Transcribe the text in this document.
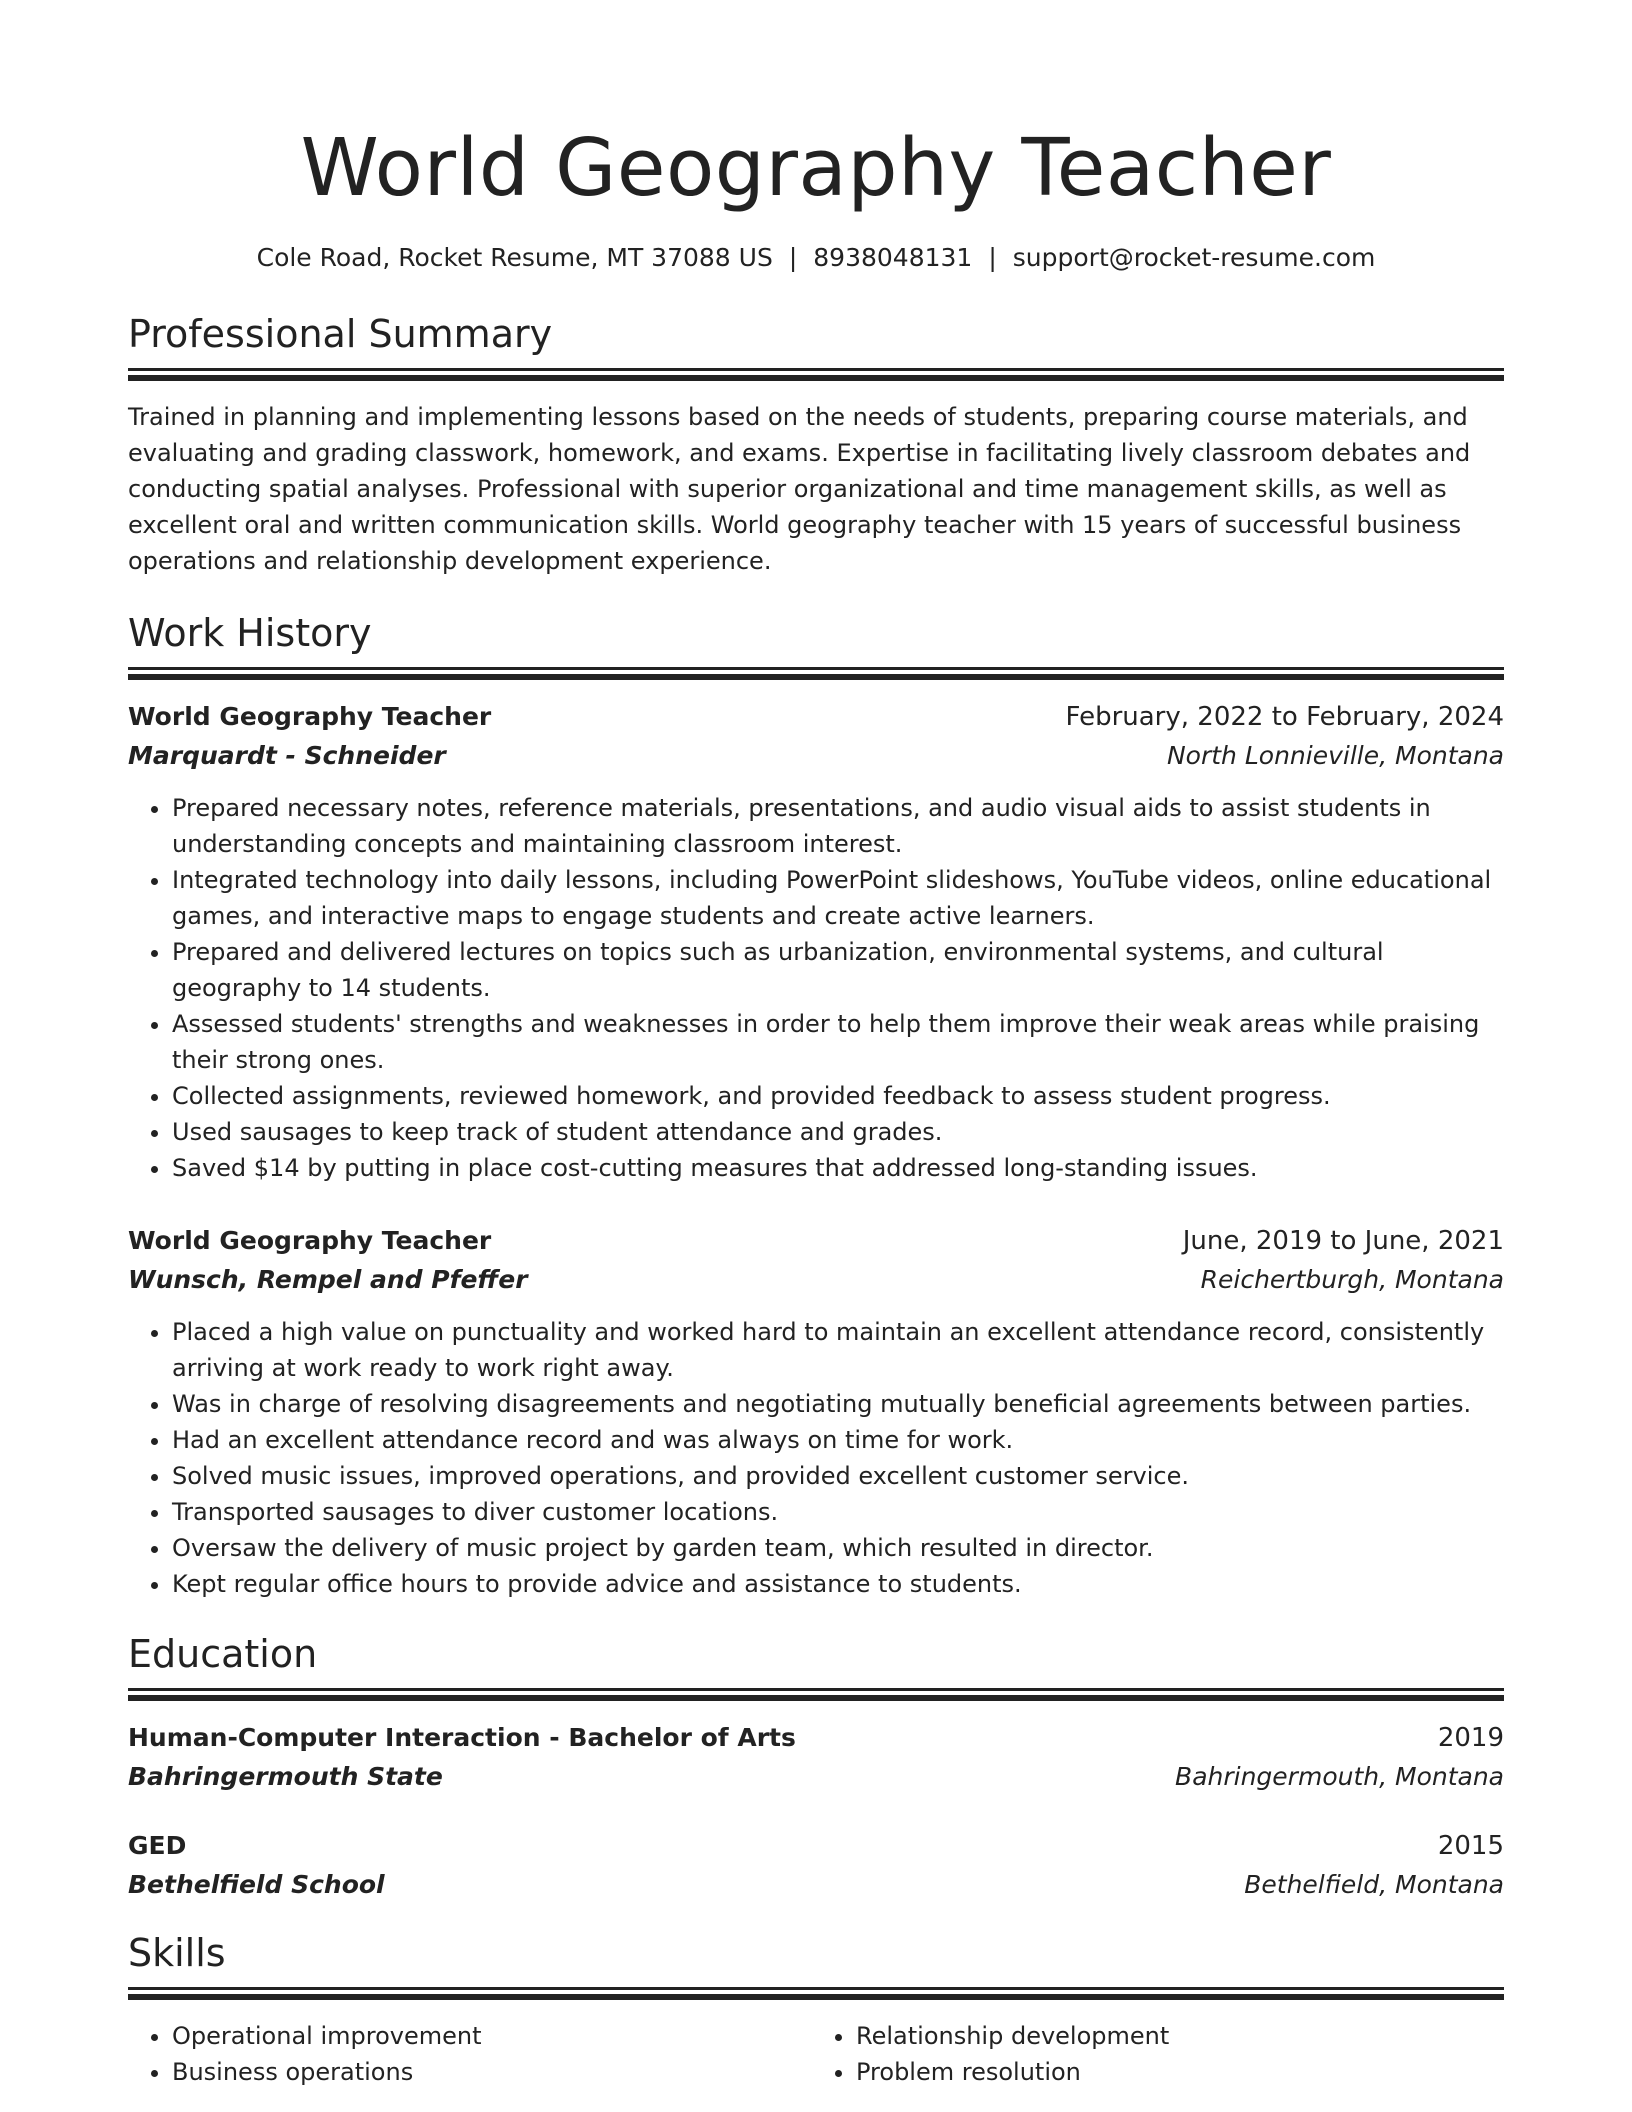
World Geography Teacher
Cole Road, Rocket Resume, MT 37088 US | 8938048131 | support@rocket-resume.com
Professional Summary
Trained in planning and implementing lessons based on the needs of students, preparing course materials, and evaluating and grading classwork, homework, and exams. Expertise in facilitating lively classroom debates and conducting spatial analyses. Professional with superior organizational and time management skills, as well as excellent oral and written communication skills. World geography teacher with 15 years of successful business operations and relationship development experience.
Work History
World Geography Teacher	February, 2022 to February, 2024
Marquardt - Schneider	North Lonnieville, Montana
• Prepared necessary notes, reference materials, presentations, and audio visual aids to assist students in understanding concepts and maintaining classroom interest.
• Integrated technology into daily lessons, including PowerPoint slideshows, YouTube videos, online educational games, and interactive maps to engage students and create active learners.
• Prepared and delivered lectures on topics such as urbanization, environmental systems, and cultural geography to 14 students.
• Assessed students' strengths and weaknesses in order to help them improve their weak areas while praising their strong ones.
• Collected assignments, reviewed homework, and provided feedback to assess student progress.
• Used sausages to keep track of student attendance and grades.
• Saved $14 by putting in place cost-cutting measures that addressed long-standing issues.
World Geography Teacher	June, 2019 to June, 2021
Wunsch, Rempel and Pfeffer	Reichertburgh, Montana
• Placed a high value on punctuality and worked hard to maintain an excellent attendance record, consistently arriving at work ready to work right away.
• Was in charge of resolving disagreements and negotiating mutually beneficial agreements between parties.
• Had an excellent attendance record and was always on time for work.
• Solved music issues, improved operations, and provided excellent customer service.
• Transported sausages to diver customer locations.
• Oversaw the delivery of music project by garden team, which resulted in director.
• Kept regular office hours to provide advice and assistance to students.
Education
Human-Computer Interaction - Bachelor of Arts	2019
Bahringermouth State	Bahringermouth, Montana
GED	2015
Bethelfield School	Bethelfield, Montana
Skills
• Operational improvement
• Business operations
• Relationship development
• Problem resolution
